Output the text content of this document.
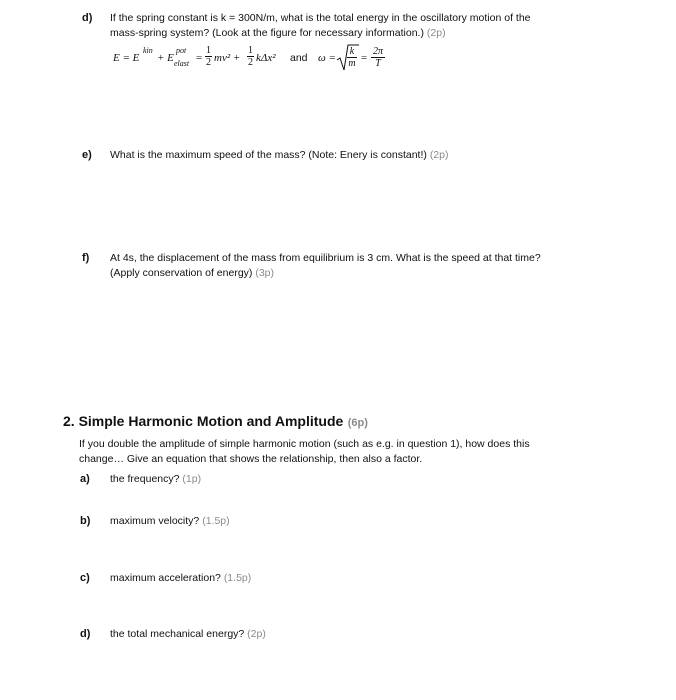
d) If the spring constant is k = 300N/m, what is the total energy in the oscillatory motion of the
mass-spring system? (Look at the figure for necessary information.) (2p)
E = E
kin
+ E
pot
elast =
1
2 mv² +
1
2 kΔx² and ω =
k
m =
2π
T
e) What is the maximum speed of the mass? (Note: Enery is constant!) (2p)
f) At 4s, the displacement of the mass from equilibrium is 3 cm. What is the speed at that time?
(Apply conservation of energy) (3p)
2. Simple Harmonic Motion and Amplitude (6p)
If you double the amplitude of simple harmonic motion (such as e.g. in question 1), how does this
change… Give an equation that shows the relationship, then also a factor.
a) the frequency? (1p)
b) maximum velocity? (1.5p)
c) maximum acceleration? (1.5p)
d) the total mechanical energy? (2p)
